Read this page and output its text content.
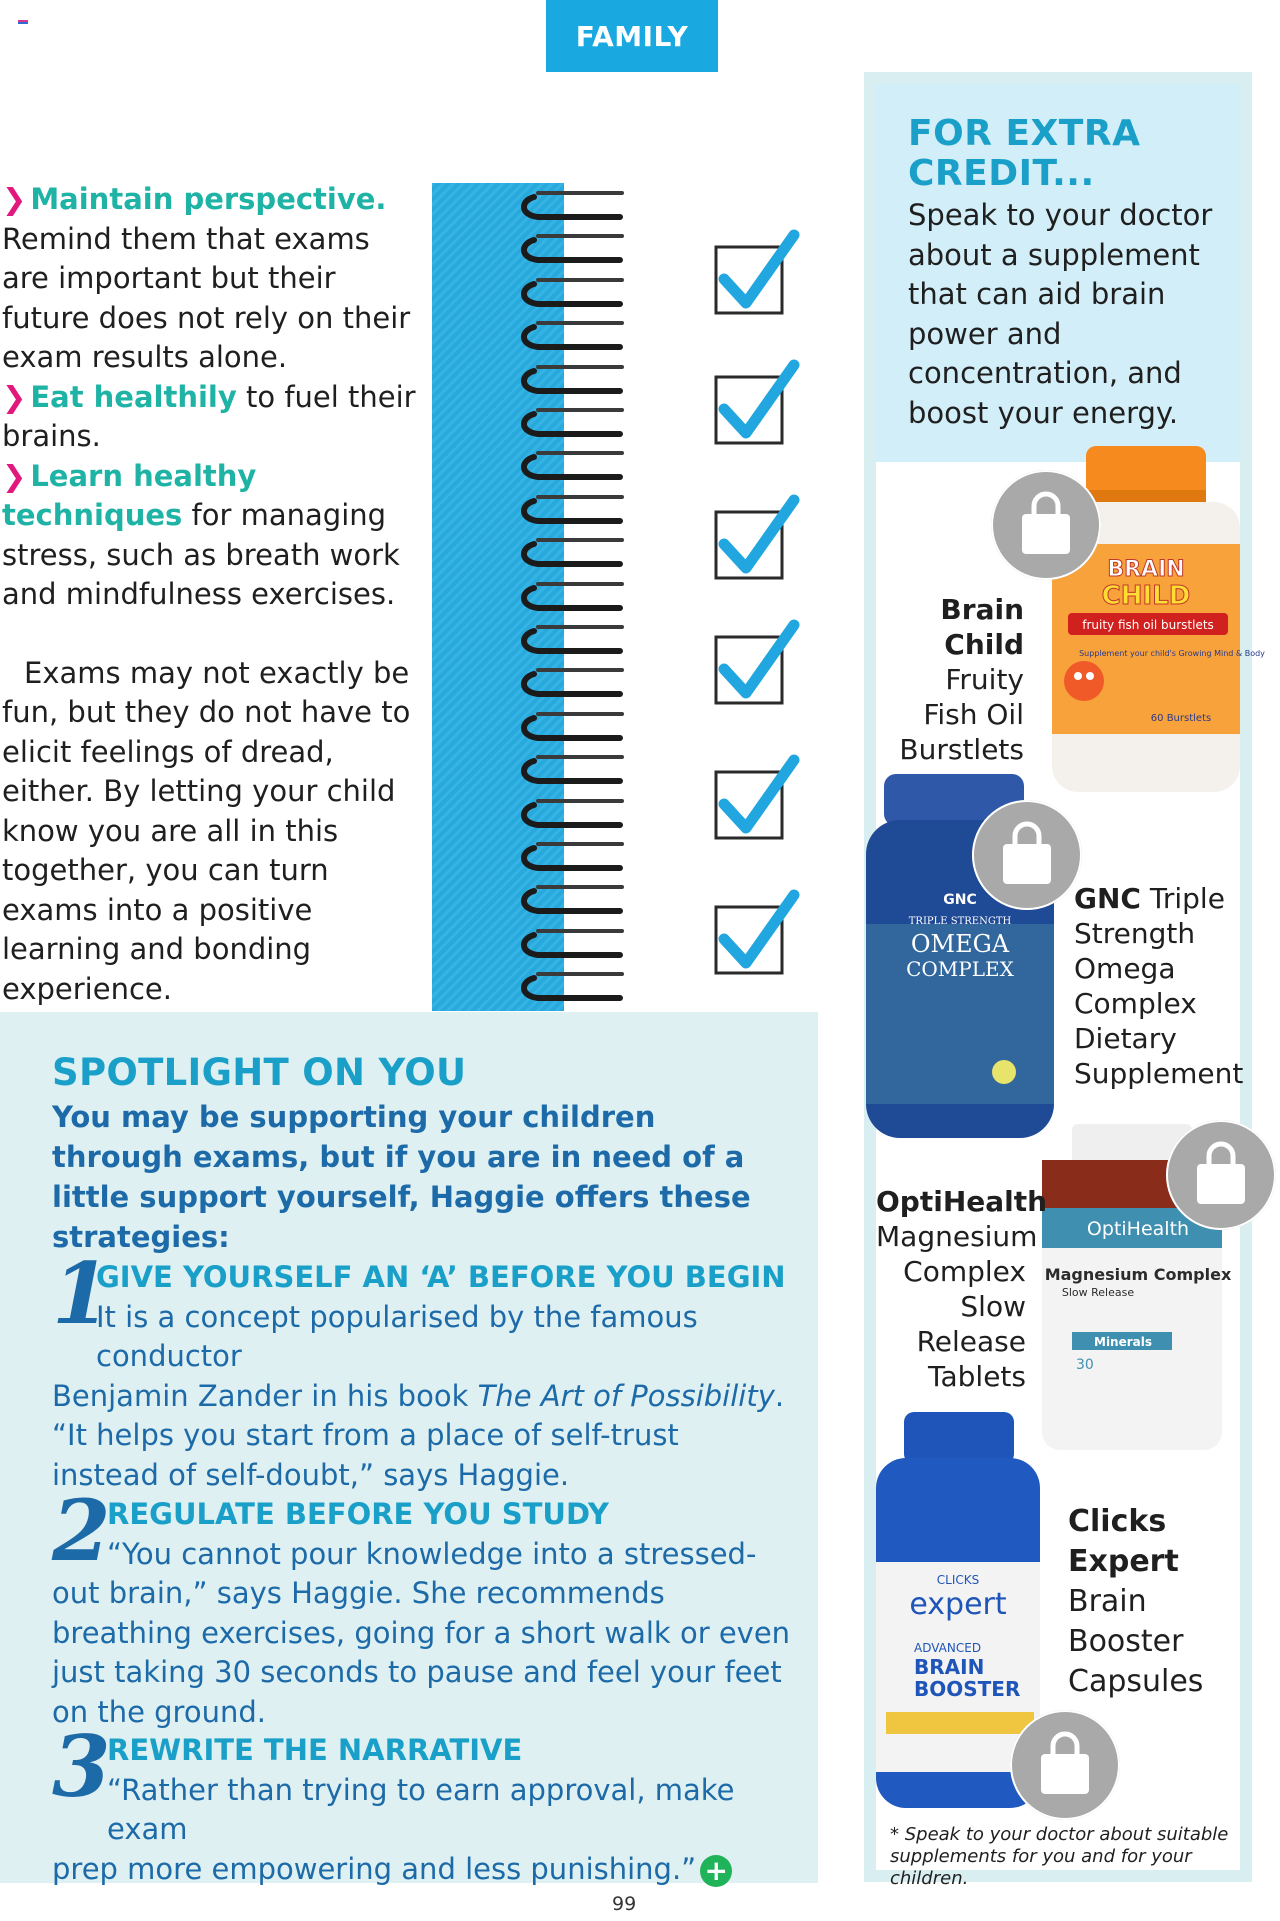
FAMILY

❯ Maintain perspective. Remind them that exams are important but their future does not rely on their exam results alone.

❯ Eat healthily to fuel their brains.

❯ Learn healthy techniques for managing stress, such as breath work and mindfulness exercises.

Exams may not exactly be fun, but they do not have to elicit feelings of dread, either. By letting your child know you are all in this together, you can turn exams into a positive learning and bonding experience.

SPOTLIGHT ON YOU
You may be supporting your children through exams, but if you are in need of a little support yourself, Haggie offers these strategies:
1
GIVE YOURSELF AN ‘A’ BEFORE YOU BEGIN
It is a concept popularised by the famous conductor
Benjamin Zander in his book The Art of Possibility. “It helps you start from a place of self-trust instead of self-doubt,” says Haggie.
2
REGULATE BEFORE YOU STUDY
“You cannot pour knowledge into a stressed-
out brain,” says Haggie. She recommends breathing exercises, going for a short walk or even just taking 30 seconds to pause and feel your feet on the ground.
3
REWRITE THE NARRATIVE
“Rather than trying to earn approval, make exam
prep more empowering and less punishing.” +
99
FOR EXTRA CREDIT...
Speak to your doctor about a supplement that can aid brain power and concentration, and boost your energy.
BRAIN
CHILD
fruity fish oil burstlets
Supplement your child's Growing Mind & Body
60 Burstlets
Brain Child Fruity Fish Oil Burstlets
GNC
TRIPLE STRENGTH
OMEGA
COMPLEX
GNC Triple Strength Omega Complex Dietary Supplement
OptiHealth
Magnesium Complex
Slow Release
Minerals
30
OptiHealth Magnesium Complex Slow Release Tablets
CLICKS
expert
ADVANCED
BRAIN
BOOSTER
Clicks Expert Brain Booster Capsules
* Speak to your doctor about suitable supplements for you and for your children.
